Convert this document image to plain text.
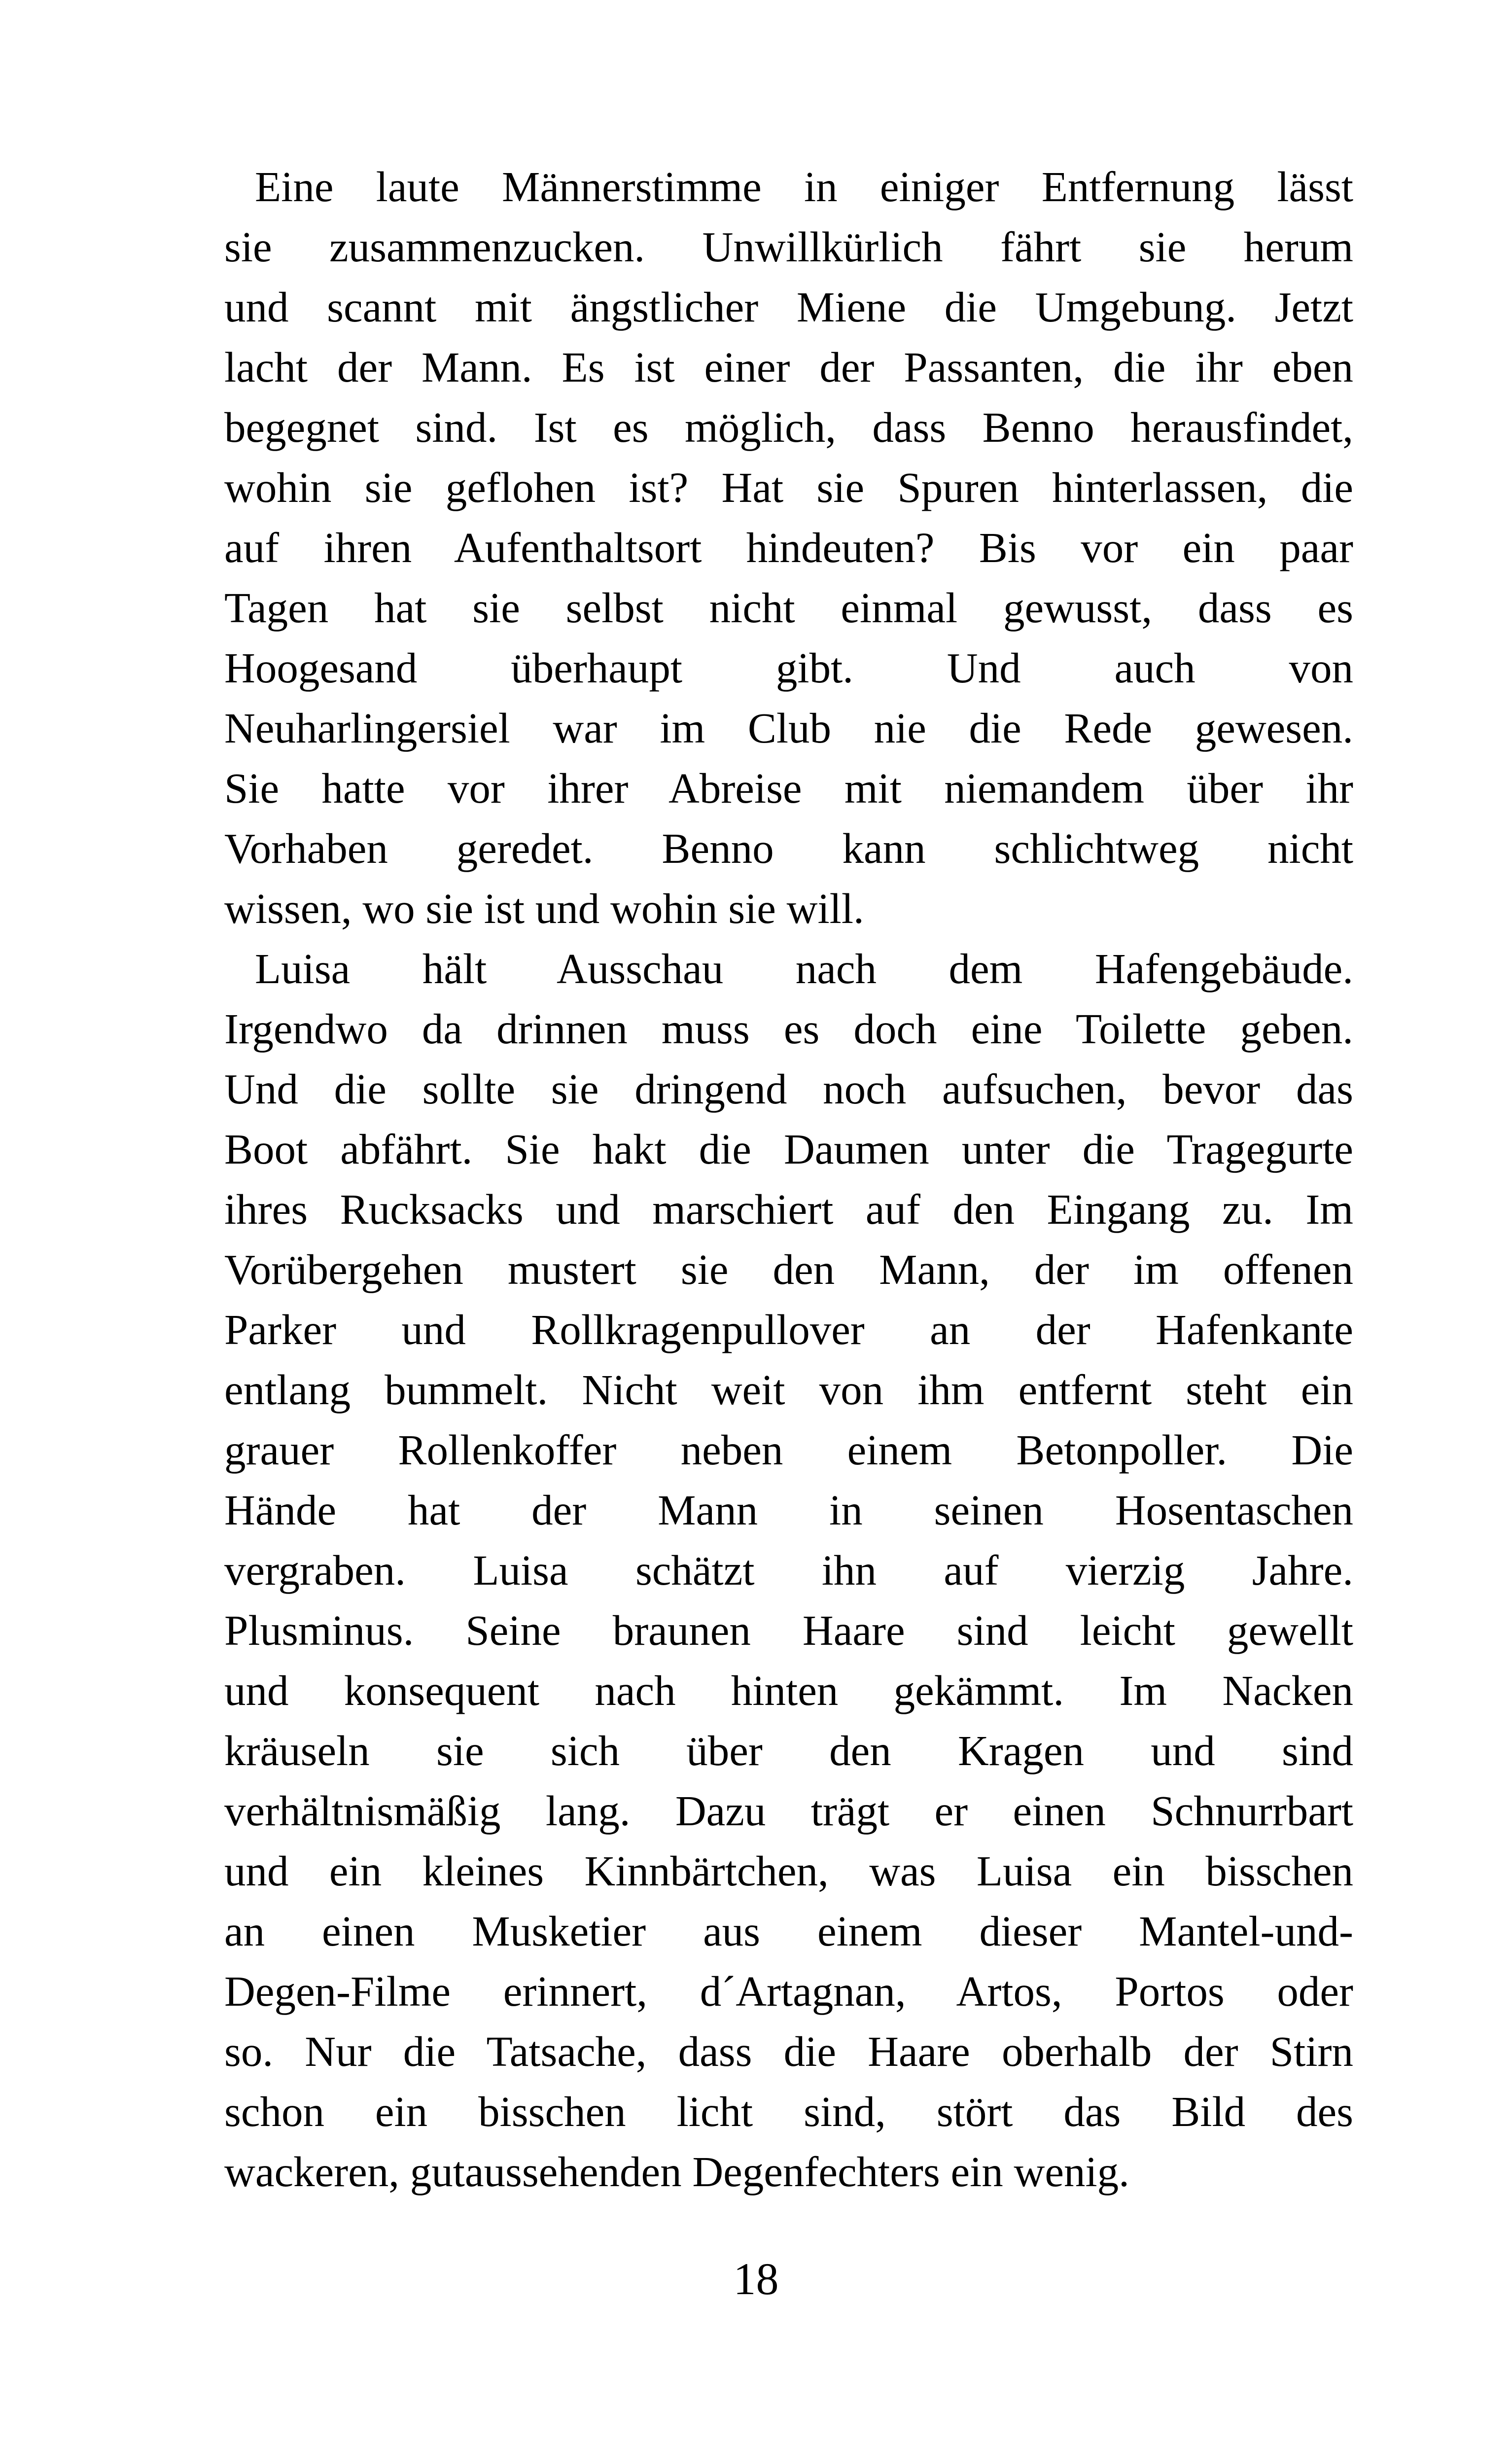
Eine laute Männerstimme in einiger Entfernung lässt
sie zusammenzucken. Unwillkürlich fährt sie herum
und scannt mit ängstlicher Miene die Umgebung. Jetzt
lacht der Mann. Es ist einer der Passanten, die ihr eben
begegnet sind. Ist es möglich, dass Benno herausfindet,
wohin sie geflohen ist? Hat sie Spuren hinterlassen, die
auf ihren Aufenthaltsort hindeuten? Bis vor ein paar
Tagen hat sie selbst nicht einmal gewusst, dass es
Hoogesand überhaupt gibt. Und auch von
Neuharlingersiel war im Club nie die Rede gewesen.
Sie hatte vor ihrer Abreise mit niemandem über ihr
Vorhaben geredet. Benno kann schlichtweg nicht
wissen, wo sie ist und wohin sie will.
Luisa hält Ausschau nach dem Hafengebäude.
Irgendwo da drinnen muss es doch eine Toilette geben.
Und die sollte sie dringend noch aufsuchen, bevor das
Boot abfährt. Sie hakt die Daumen unter die Tragegurte
ihres Rucksacks und marschiert auf den Eingang zu. Im
Vorübergehen mustert sie den Mann, der im offenen
Parker und Rollkragenpullover an der Hafenkante
entlang bummelt. Nicht weit von ihm entfernt steht ein
grauer Rollenkoffer neben einem Betonpoller. Die
Hände hat der Mann in seinen Hosentaschen
vergraben. Luisa schätzt ihn auf vierzig Jahre.
Plusminus. Seine braunen Haare sind leicht gewellt
und konsequent nach hinten gekämmt. Im Nacken
kräuseln sie sich über den Kragen und sind
verhältnismäßig lang. Dazu trägt er einen Schnurrbart
und ein kleines Kinnbärtchen, was Luisa ein bisschen
an einen Musketier aus einem dieser Mantel-und-
Degen-Filme erinnert, d´Artagnan, Artos, Portos oder
so. Nur die Tatsache, dass die Haare oberhalb der Stirn
schon ein bisschen licht sind, stört das Bild des
wackeren, gutaussehenden Degenfechters ein wenig.
18
